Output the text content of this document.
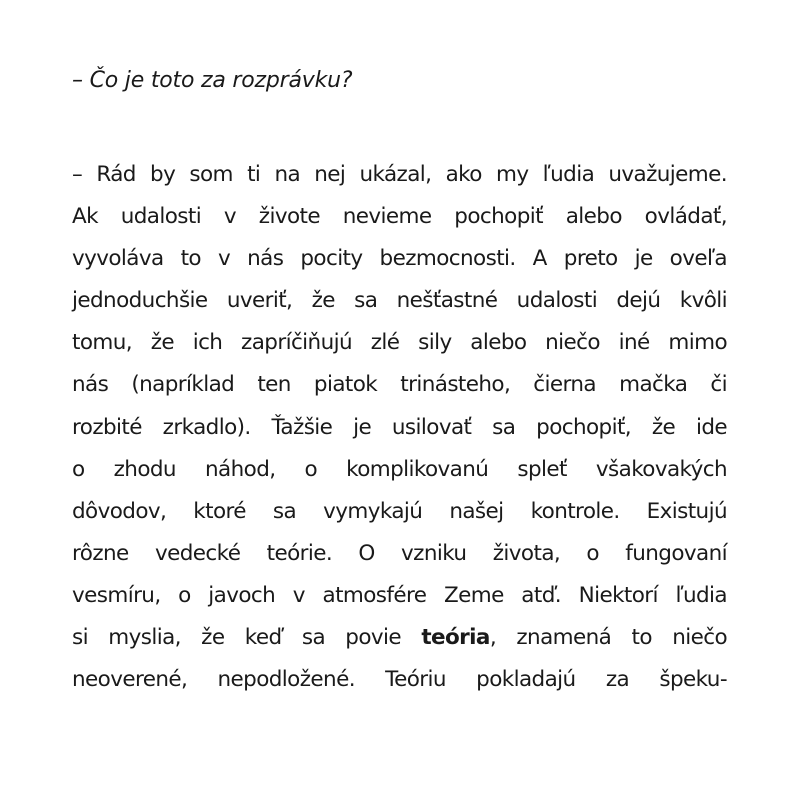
– Čo je toto za rozprávku?
– Rád by som ti na nej ukázal, ako my ľudia uvažujeme.
Ak udalosti v živote nevieme pochopiť alebo ovládať,
vyvoláva to v nás pocity bezmocnosti. A preto je oveľa
jednoduchšie uveriť, že sa nešťastné udalosti dejú kvôli
tomu, že ich zapríčiňujú zlé sily alebo niečo iné mimo
nás (napríklad ten piatok trinásteho, čierna mačka či
rozbité zrkadlo). Ťažšie je usilovať sa pochopiť, že ide
o zhodu náhod, o komplikovanú spleť všakovakých
dôvodov, ktoré sa vymykajú našej kontrole. Existujú
rôzne vedecké teórie. O vzniku života, o fungovaní
vesmíru, o javoch v atmosfére Zeme atď. Niektorí ľudia
si myslia, že keď sa povie teória, znamená to niečo
neoverené, nepodložené. Teóriu pokladajú za špeku-
